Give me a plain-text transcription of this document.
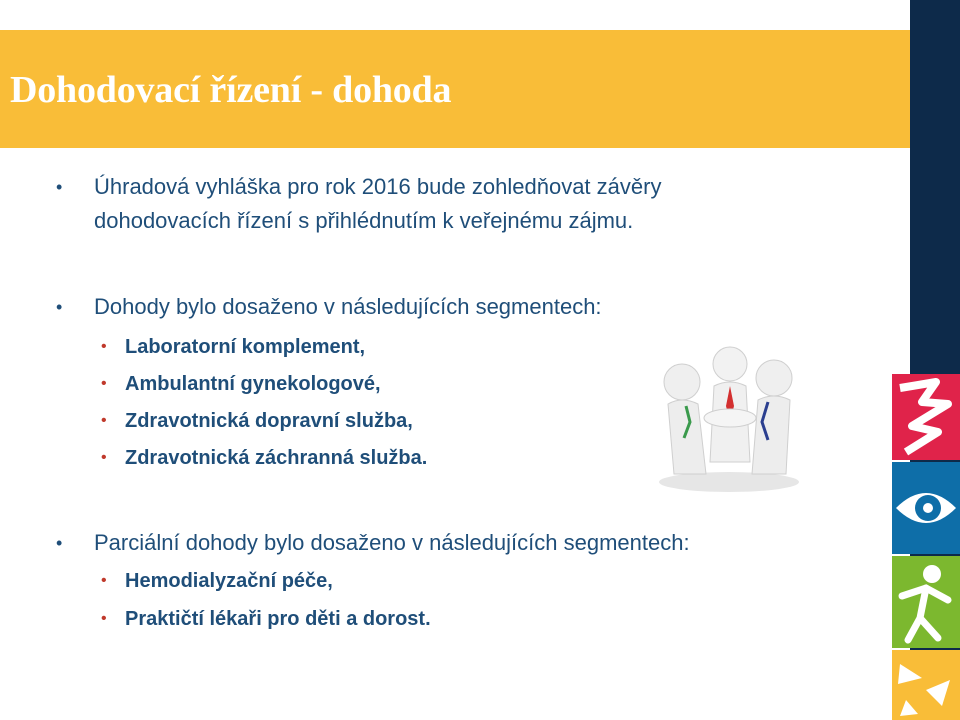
Dohodovací řízení - dohoda
Úhradová vyhláška pro rok 2016 bude zohledňovat závěry
dohodovacích řízení s přihlédnutím k veřejnému zájmu.
Dohody bylo dosaženo v následujících segmentech:
• Laboratorní komplement,
• Ambulantní gynekologové,
• Zdravotnická dopravní služba,
• Zdravotnická záchranná služba.
Parciální dohody bylo dosaženo v následujících segmentech:
• Hemodialyzační péče,
• Praktičtí lékaři pro děti a dorost.
